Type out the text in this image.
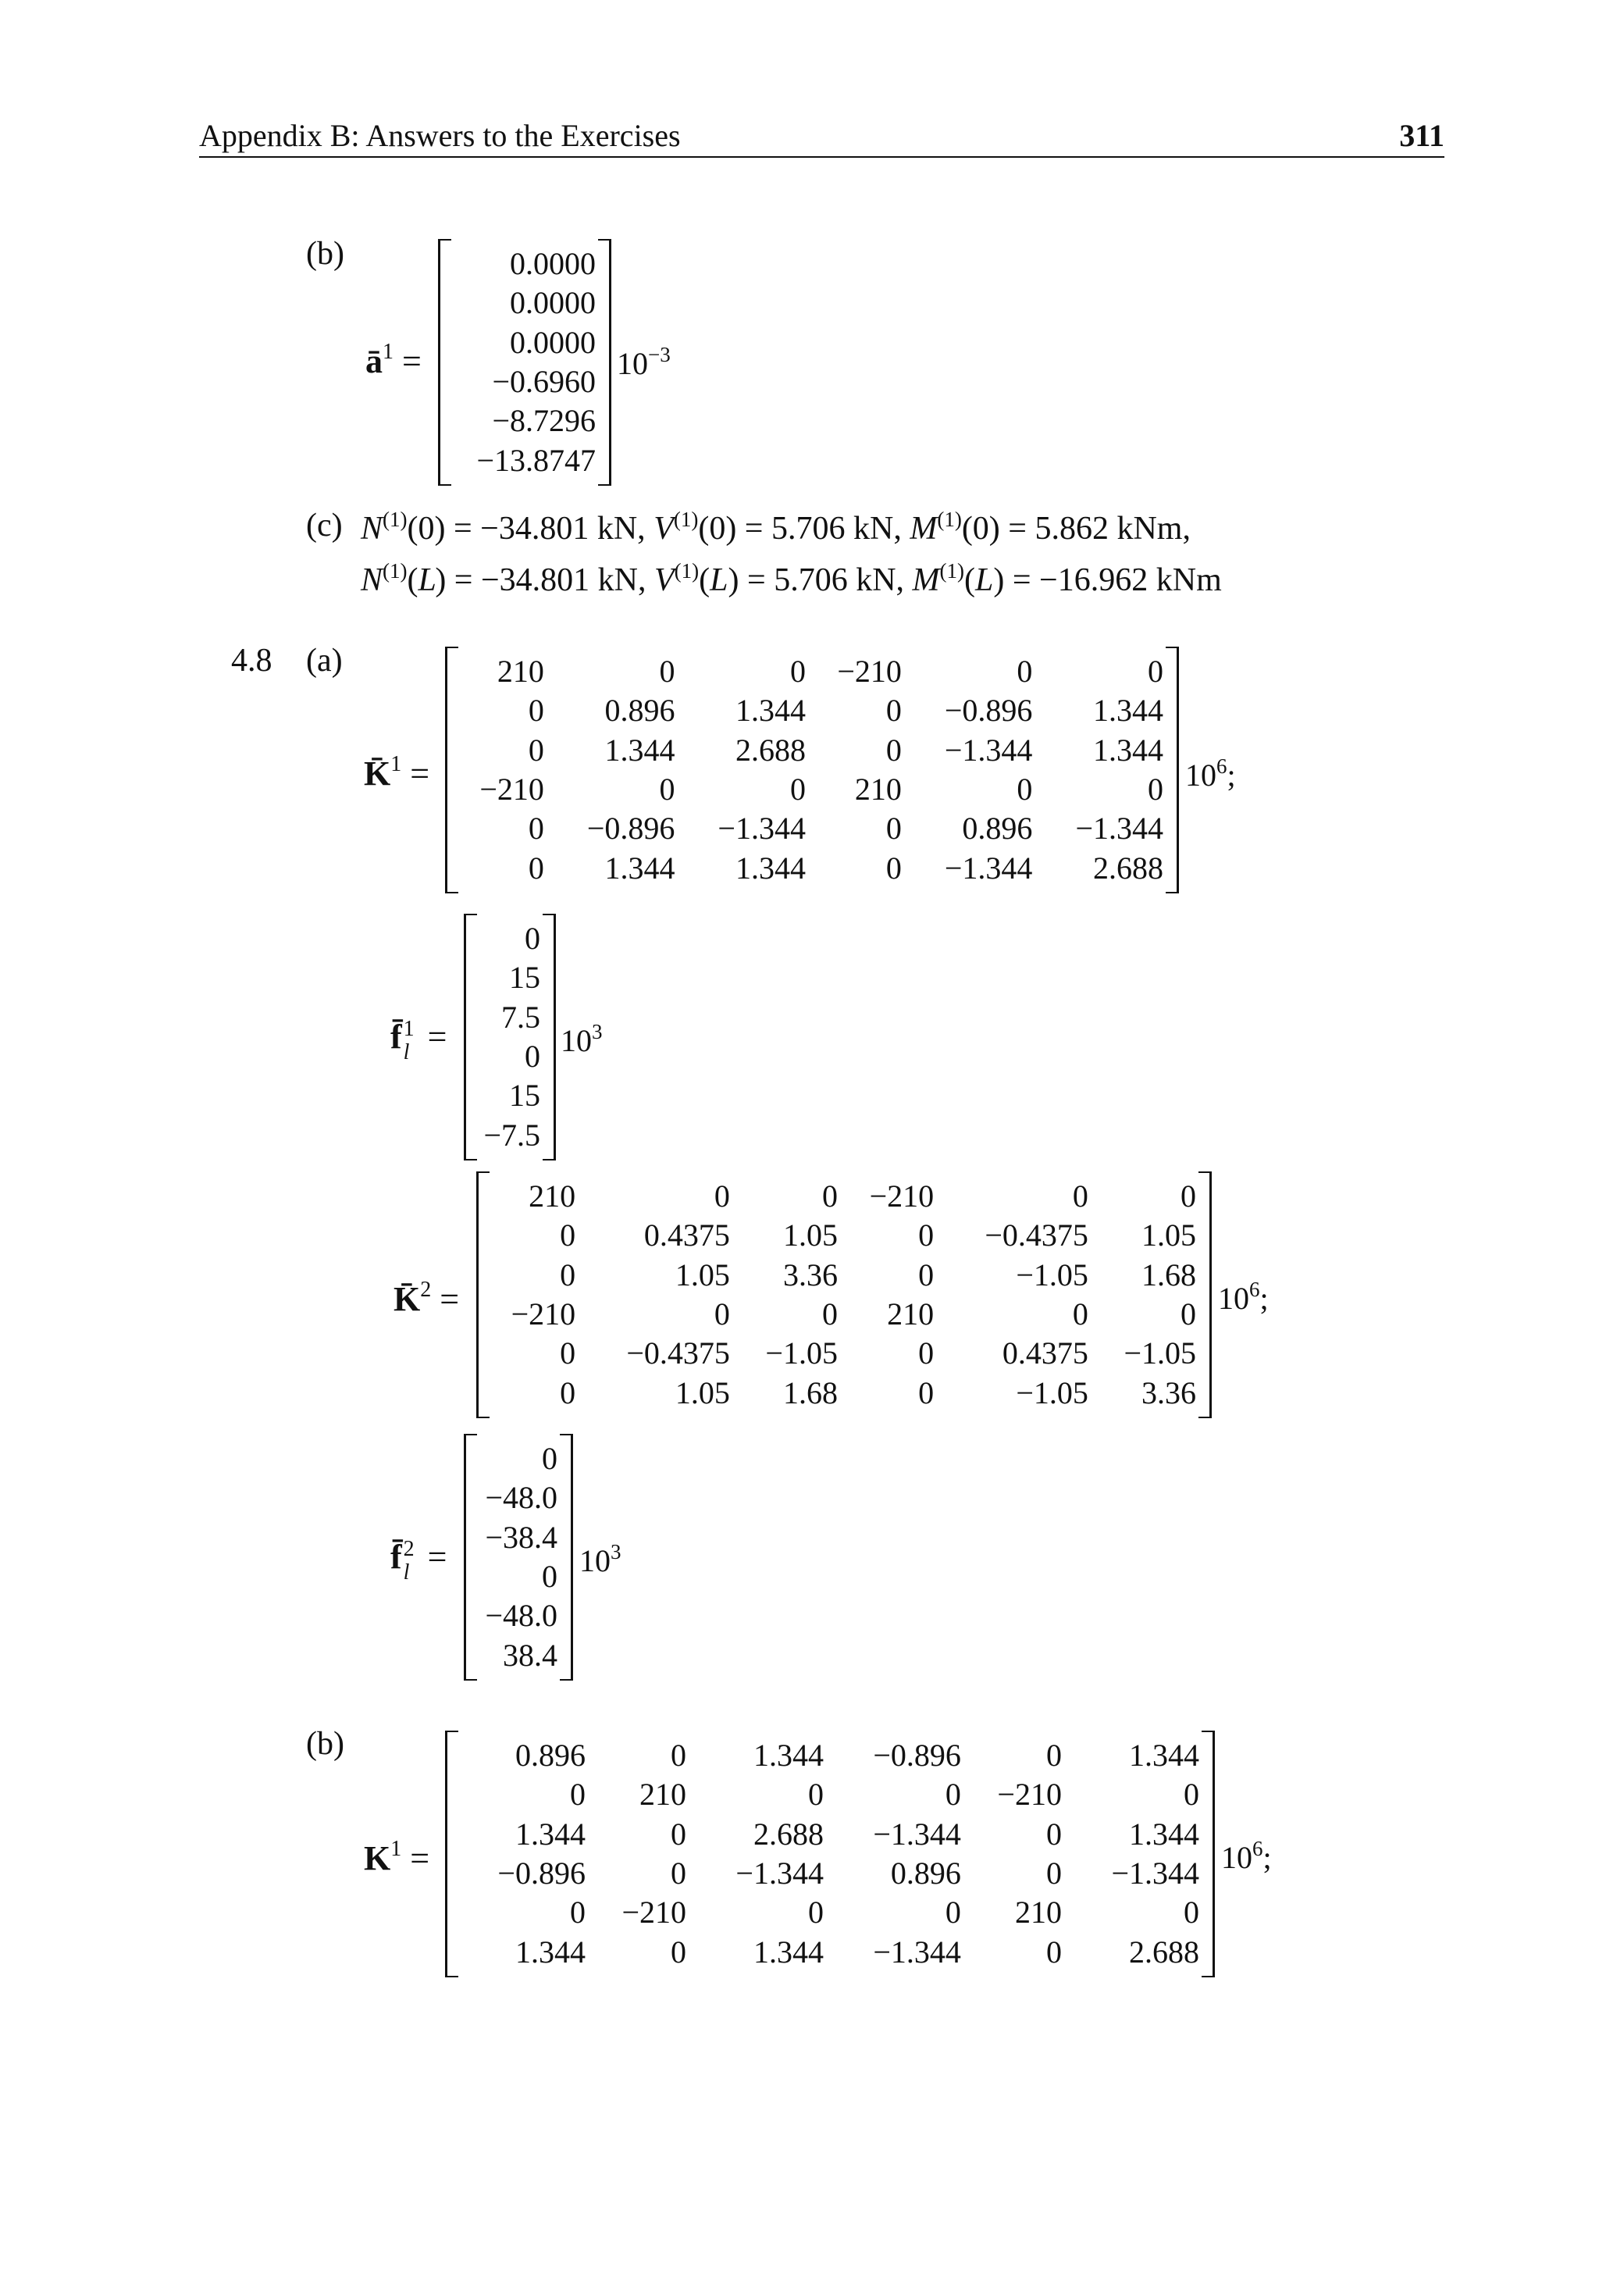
Appendix B: Answers to the Exercises	311
(b)
$ā^1$ =
0.0000
0.0000
0.0000
−0.6960
−8.7296
−13.8747
$10^{-3}$
(c) $N^{(1)}(0) = -34.801$ kN, $V^{(1)}(0) = 5.706$ kN, $M^{(1)}(0) = 5.862$ kNm,
$N^{(1)}(L) = -34.801$ kN, $V^{(1)}(L) = 5.706$ kN, $M^{(1)}(L) = -16.962$ kNm
4.8 (a)
K̄$^1$ =
210	0	0	−210	0	0
0	0.896	1.344	0	−0.896	1.344
0	1.344	2.688	0	−1.344	1.344
−210	0	0	210	0	0
0	−0.896	−1.344	0	0.896	−1.344
0	1.344	1.344	0	−1.344	2.688
$10^6$;
f̄ 1
l =
0
15
7.5
0
15
−7.5
$10^3$
K̄$^2$ =
210	0	0	−210	0	0
0	0.4375	1.05	0	−0.4375	1.05
0	1.05	3.36	0	−1.05	1.68
−210	0	0	210	0	0
0	−0.4375	−1.05	0	0.4375	−1.05
0	1.05	1.68	0	−1.05	3.36
$10^6$;
f̄ 2
l =
0
−48.0
−38.4
0
−48.0
38.4
$10^3$
(b)
$K^1$ =
0.896	0	1.344	−0.896	0	1.344
0	210	0	0	−210	0
1.344	0	2.688	−1.344	0	1.344
−0.896	0	−1.344	0.896	0	−1.344
0	−210	0	0	210	0
1.344	0	1.344	−1.344	0	2.688
$10^6$;
